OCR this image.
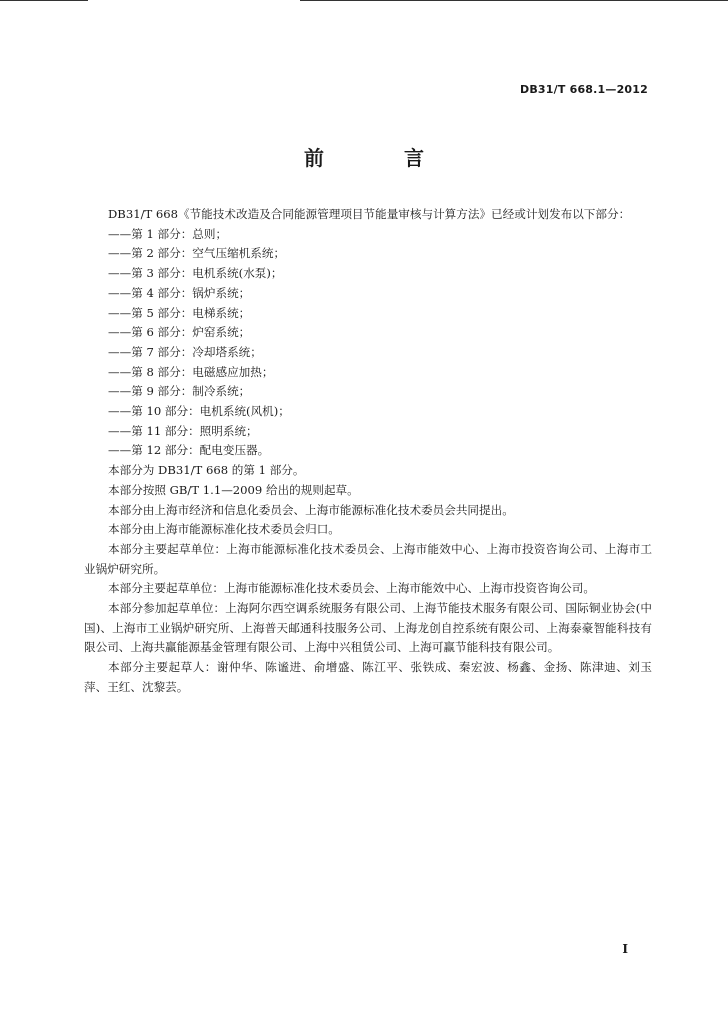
DB31/T 668.1—2012
前　言

DB31/T 668《节能技术改造及合同能源管理项目节能量审核与计算方法》已经或计划发布以下部分：

——第 1 部分：总则；
——第 2 部分：空气压缩机系统；
——第 3 部分：电机系统(水泵)；
——第 4 部分：锅炉系统；
——第 5 部分：电梯系统；
——第 6 部分：炉窑系统；
——第 7 部分：冷却塔系统；
——第 8 部分：电磁感应加热；
——第 9 部分：制冷系统；
——第 10 部分：电机系统(风机)；
——第 11 部分：照明系统；
——第 12 部分：配电变压器。

本部分为 DB31/T 668 的第 1 部分。

本部分按照 GB/T 1.1—2009 给出的规则起草。

本部分由上海市经济和信息化委员会、上海市能源标准化技术委员会共同提出。

本部分由上海市能源标准化技术委员会归口。

本部分主要起草单位：上海市能源标准化技术委员会、上海市能效中心、上海市投资咨询公司、上海市工业锅炉研究所。

本部分主要起草单位：上海市能源标准化技术委员会、上海市能效中心、上海市投资咨询公司。

本部分参加起草单位：上海阿尔西空调系统服务有限公司、上海节能技术服务有限公司、国际铜业协会(中国)、上海市工业锅炉研究所、上海普天邮通科技服务公司、上海龙创自控系统有限公司、上海泰豪智能科技有限公司、上海共赢能源基金管理有限公司、上海中兴租赁公司、上海可赢节能科技有限公司。

本部分主要起草人：谢仲华、陈谧进、俞增盛、陈江平、张铁成、秦宏波、杨鑫、金扬、陈津迪、刘玉萍、王红、沈黎芸。

I
